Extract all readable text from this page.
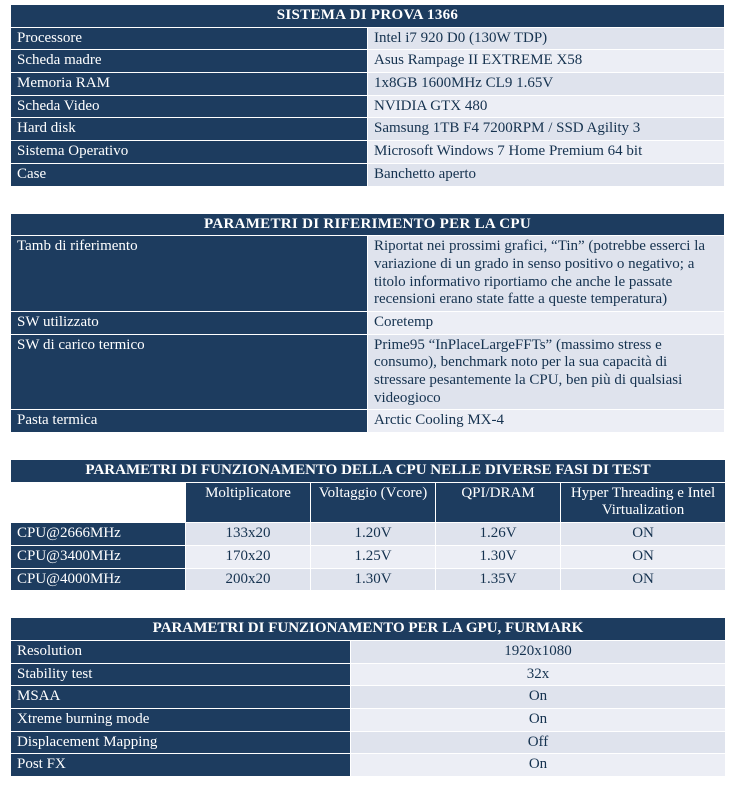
SISTEMA DI PROVA 1366	
Processore	Intel i7 920 D0 (130W TDP)
Scheda madre	Asus Rampage II EXTREME X58
Memoria RAM	1x8GB 1600MHz CL9 1.65V
Scheda Video	NVIDIA GTX 480
Hard disk	Samsung 1TB F4 7200RPM / SSD Agility 3
Sistema Operativo	Microsoft Windows 7 Home Premium 64 bit
Case	Banchetto aperto
PARAMETRI DI RIFERIMENTO PER LA CPU	
Tamb di riferimento	Riportat nei prossimi grafici, “Tin” (potrebbe esserci la variazione di un grado in senso positivo o negativo; a titolo informativo riportiamo che anche le passate recensioni erano state fatte a queste temperatura)
SW utilizzato	Coretemp
SW di carico termico	Prime95 “InPlaceLargeFFTs” (massimo stress e consumo), benchmark noto per la sua capacità di stressare pesantemente la CPU, ben più di qualsiasi videogioco
Pasta termica	Arctic Cooling MX-4
PARAMETRI DI FUNZIONAMENTO DELLA CPU NELLE DIVERSE FASI DI TEST				
	Moltiplicatore	Voltaggio (Vcore)	QPI/DRAM	Hyper Threading e Intel Virtualization
CPU@2666MHz	133x20	1.20V	1.26V	ON
CPU@3400MHz	170x20	1.25V	1.30V	ON
CPU@4000MHz	200x20	1.30V	1.35V	ON
PARAMETRI DI FUNZIONAMENTO PER LA GPU, FURMARK	
Resolution	1920x1080
Stability test	32x
MSAA	On
Xtreme burning mode	On
Displacement Mapping	Off
Post FX	On
